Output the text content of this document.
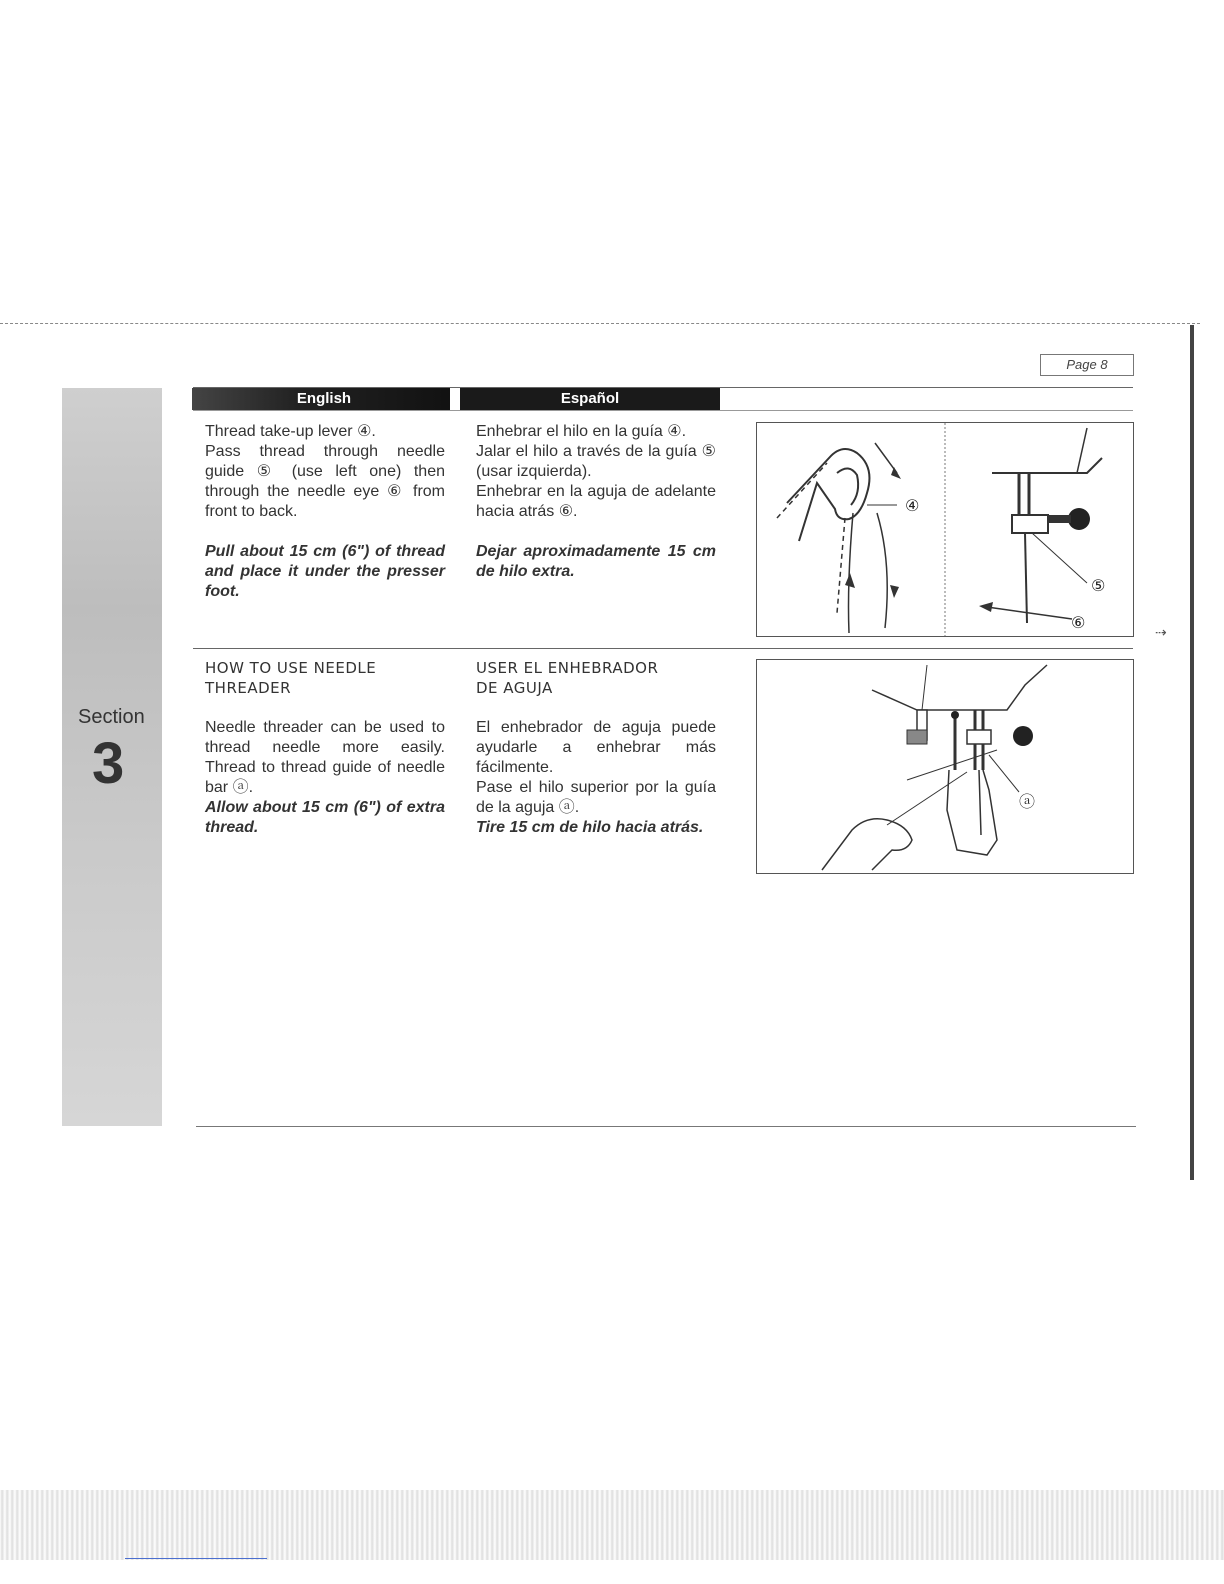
Page 8
English	Español
Section
3

Thread take-up lever ④.

Pass thread through needle guide ⑤ (use left one) then through the needle eye ⑥ from front to back.

Pull about 15 cm (6") of thread and place it under the presser foot.

Enhebrar el hilo en la guía ④.

Jalar el hilo a través de la guía ⑤ (usar izquierda).

Enhebrar en la aguja de adelante hacia atrás ⑥.

Dejar aproximadamente 15 cm de hilo extra.

④
⑤
⑥

HOW TO USE NEEDLE

THREADER

Needle threader can be used to thread needle more easily. Thread to thread guide of needle bar ⓐ.

Allow about 15 cm (6") of extra thread.

USER EL ENHEBRADOR

DE AGUJA

El enhebrador de aguja puede ayudarle a enhebrar más fácilmente.

Pase el hilo superior por la guía de la aguja ⓐ.

Tire 15 cm de hilo hacia atrás.

ⓐ
⇢
